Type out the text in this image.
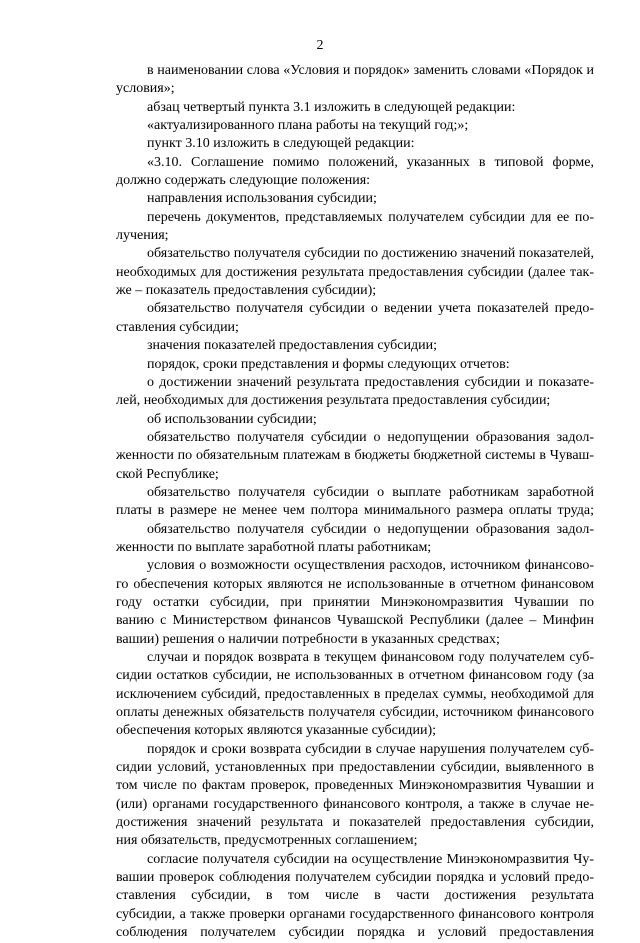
2
в наименовании слова «Условия и порядок» заменить словами «Порядок и
условия»;
абзац четвертый пункта 3.1 изложить в следующей редакции:
«актуализированного плана работы на текущий год;»;
пункт 3.10 изложить в следующей редакции:
«3.10. Соглашение помимо положений, указанных в типовой форме,
должно содержать следующие положения:
направления использования субсидии;
перечень документов, представляемых получателем субсидии для ее по-
лучения;
обязательство получателя субсидии по достижению значений показателей,
необходимых для достижения результата предоставления субсидии (далее так-
же – показатель предоставления субсидии);
обязательство получателя субсидии о ведении учета показателей предо-
ставления субсидии;
значения показателей предоставления субсидии;
порядок, сроки представления и формы следующих отчетов:
о достижении значений результата предоставления субсидии и показате-
лей, необходимых для достижения результата предоставления субсидии;
об использовании субсидии;
обязательство получателя субсидии о недопущении образования задол-
женности по обязательным платежам в бюджеты бюджетной системы в Чуваш-
ской Республике;
обязательство получателя субсидии о выплате работникам заработной
платы в размере не менее чем полтора минимального размера оплаты труда;
обязательство получателя субсидии о недопущении образования задол-
женности по выплате заработной платы работникам;
условия о возможности осуществления расходов, источником финансово-
го обеспечения которых являются не использованные в отчетном финансовом
году остатки субсидии, при принятии Минэкономразвития Чувашии по
ванию с Министерством финансов Чувашской Республики (далее – Минфин
вашии) решения о наличии потребности в указанных средствах;
случаи и порядок возврата в текущем финансовом году получателем суб-
сидии остатков субсидии, не использованных в отчетном финансовом году (за
исключением субсидий, предоставленных в пределах суммы, необходимой для
оплаты денежных обязательств получателя субсидии, источником финансового
обеспечения которых являются указанные субсидии);
порядок и сроки возврата субсидии в случае нарушения получателем суб-
сидии условий, установленных при предоставлении субсидии, выявленного в
том числе по фактам проверок, проведенных Минэкономразвития Чувашии и
(или) органами государственного финансового контроля, а также в случае не-
достижения значений результата и показателей предоставления субсидии,
ния обязательств, предусмотренных соглашением;
согласие получателя субсидии на осуществление Минэкономразвития Чу-
вашии проверок соблюдения получателем субсидии порядка и условий предо-
ставления субсидии, в том числе в части достижения результата
субсидии, а также проверки органами государственного финансового контроля
соблюдения получателем субсидии порядка и условий предоставления
